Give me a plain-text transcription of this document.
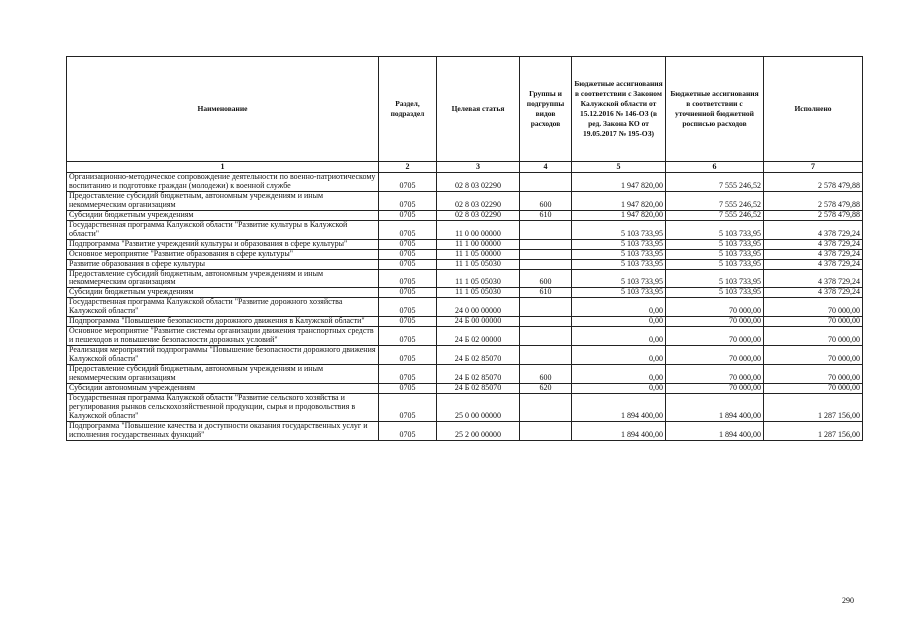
Наименование	Раздел, подраздел	Целевая статья	Группы и подгруппы видов расходов	Бюджетные ассигнования в соответствии с Законом Калужской области от 15.12.2016 № 146-ОЗ (в ред. Закона КО от 19.05.2017 № 195-ОЗ)	Бюджетные ассигнования в соответствии с уточненной бюджетной росписью расходов	Исполнено
1	2	3	4	5	6	7
Организационно-методическое сопровождение деятельности по военно-патриотическому воспитанию и подготовке граждан (молодежи) к военной службе	0705	02 8 03 02290		1 947 820,00	7 555 246,52	2 578 479,88
Предоставление субсидий бюджетным, автономным учреждениям и иным некоммерческим организациям	0705	02 8 03 02290	600	1 947 820,00	7 555 246,52	2 578 479,88
Субсидии бюджетным учреждениям	0705	02 8 03 02290	610	1 947 820,00	7 555 246,52	2 578 479,88
Государственная программа Калужской области "Развитие культуры в Калужской области"	0705	11 0 00 00000		5 103 733,95	5 103 733,95	4 378 729,24
Подпрограмма "Развитие учреждений культуры и образования в сфере культуры"	0705	11 1 00 00000		5 103 733,95	5 103 733,95	4 378 729,24
Основное мероприятие "Развитие образования в сфере культуры"	0705	11 1 05 00000		5 103 733,95	5 103 733,95	4 378 729,24
Развитие образования в сфере культуры	0705	11 1 05 05030		5 103 733,95	5 103 733,95	4 378 729,24
Предоставление субсидий бюджетным, автономным учреждениям и иным некоммерческим организациям	0705	11 1 05 05030	600	5 103 733,95	5 103 733,95	4 378 729,24
Субсидии бюджетным учреждениям	0705	11 1 05 05030	610	5 103 733,95	5 103 733,95	4 378 729,24
Государственная программа Калужской области "Развитие дорожного хозяйства Калужской области"	0705	24 0 00 00000		0,00	70 000,00	70 000,00
Подпрограмма "Повышение безопасности дорожного движения в Калужской области"	0705	24 Б 00 00000		0,00	70 000,00	70 000,00
Основное мероприятие "Развитие системы организации движения транспортных средств и пешеходов и повышение безопасности дорожных условий"	0705	24 Б 02 00000		0,00	70 000,00	70 000,00
Реализация мероприятий подпрограммы "Повышение безопасности дорожного движения Калужской области"	0705	24 Б 02 85070		0,00	70 000,00	70 000,00
Предоставление субсидий бюджетным, автономным учреждениям и иным некоммерческим организациям	0705	24 Б 02 85070	600	0,00	70 000,00	70 000,00
Субсидии автономным учреждениям	0705	24 Б 02 85070	620	0,00	70 000,00	70 000,00
Государственная программа Калужской области "Развитие сельского хозяйства и регулирования рынков сельскохозяйственной продукции, сырья и продовольствия в Калужской области"	0705	25 0 00 00000		1 894 400,00	1 894 400,00	1 287 156,00
Подпрограмма "Повышение качества и доступности оказания государственных услуг и исполнения государственных функций"	0705	25 2 00 00000		1 894 400,00	1 894 400,00	1 287 156,00
290
